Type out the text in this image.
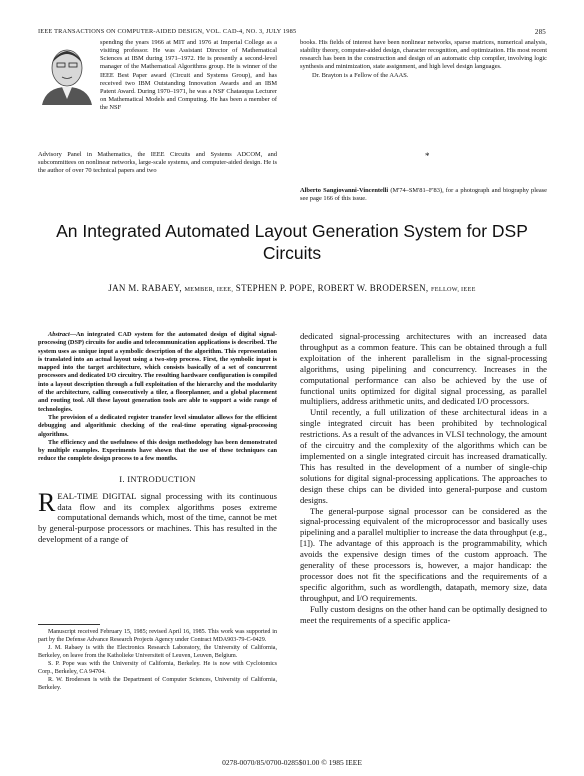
IEEE TRANSACTIONS ON COMPUTER-AIDED DESIGN, VOL. CAD-4, NO. 3, JULY 1985	285
spending the years 1966 at MIT and 1976 at Imperial College as a visiting professor. He was Assistant Director of Mathematical Sciences at IBM during 1971–1972. He is presently a second-level manager of the Mathematical Algorithms group. He is winner of the IEEE Best Paper award (Circuit and Systems Group), and has received two IBM Outstanding Innovation Awards and an IBM Patent Award. During 1970–1971, he was a NSF Chatauqua Lecturer on Mathematical Models and Computing. He has been a member of the NSF
Advisory Panel in Mathematics, the IEEE Circuits and Systems ADCOM, and subcommittees on nonlinear networks, large-scale systems, and computer-aided design. He is the author of over 70 technical papers and two

books. His fields of interest have been nonlinear networks, sparse matrices, numerical analysis, stability theory, computer-aided design, character recognition, and optimization. His most recent research has been in the construction and design of an automatic chip compiler, involving logic synthesis and minimization, state assignment, and high level design languages.

Dr. Brayton is a Fellow of the AAAS.

*
Alberto Sangiovanni-Vincentelli (M'74–SM'81–F'83), for a photograph and biography please see page 166 of this issue.
An Integrated Automated Layout Generation System for DSP Circuits
JAN M. RABAEY, MEMBER, IEEE, STEPHEN P. POPE, ROBERT W. BRODERSEN, FELLOW, IEEE

Abstract—An integrated CAD system for the automated design of digital signal-processing (DSP) circuits for audio and telecommunication applications is described. The system uses as unique input a symbolic description of the algorithm. This representation is translated into an actual layout using a two-step process. First, the symbolic input is mapped into the target architecture, which consists basically of a set of concurrent processors and dedicated I/O circuitry. The resulting hardware configuration is compiled into a layout description through a full exploitation of the hierarchy and the modularity of the architecture, calling consecutively a tiler, a floorplanner, and a global placement and routing tool. All these layout generation tools are able to support a wide range of technologies.

The provision of a dedicated register transfer level simulator allows for the efficient debugging and algorithmic checking of the real-time operating signal-processing algorithms.

The efficiency and the usefulness of this design methodology has been demonstrated by multiple examples. Experiments have shown that the use of these techniques can reduce the complete design process to a few months.

I. INTRODUCTION
REAL-TIME DIGITAL signal processing with its continuous data flow and its complex algorithms poses extreme computational demands which, most of the time, cannot be met by general-purpose processors or machines. This has resulted in the development of a range of

Manuscript received February 15, 1985; revised April 16, 1985. This work was supported in part by the Defense Advance Research Projects Agency under Contract MDA903-79-C-0429.

J. M. Rabaey is with the Electronics Research Laboratory, the University of California, Berkeley, on leave from the Katholieke Universiteit of Leuven, Leuven, Belgium.

S. P. Pope was with the University of California, Berkeley. He is now with Cyclotomics Corp., Berkeley, CA 94704.

R. W. Brodersen is with the Department of Computer Sciences, University of California, Berkeley.

dedicated signal-processing architectures with an increased data throughput as a common feature. This can be obtained through a full exploitation of the inherent parallelism in the signal-processing algorithms, using pipelining and concurrency. Increases in the computational performance can also be achieved by the use of functional units optimized for digital signal processing, as parallel multipliers, address arithmetic units, and dedicated I/O processors.

Until recently, a full utilization of these architectural ideas in a single integrated circuit has been prohibited by technological restrictions. As a result of the advances in VLSI technology, the amount of the circuitry and the complexity of the algorithms which can be implemented on a single integrated circuit has increased dramatically. This has resulted in the development of a number of single-chip solutions for digital signal-processing applications. The approaches to design these chips can be divided into general-purpose and custom designs.

The general-purpose signal processor can be considered as the signal-processing equivalent of the microprocessor and basically uses pipelining and a parallel multiplier to increase the data throughput (e.g., [1]). The advantage of this approach is the programmability, which avoids the expensive design times of the custom approach. The generality of these processors is, however, a major handicap: the processor does not fit the specifications and the requirements of a specific algorithm, such as wordlength, datapath, memory size, data throughput, and I/O requirements.

Fully custom designs on the other hand can be optimally designed to meet the requirements of a specific applica-

0278-0070/85/0700-0285$01.00 © 1985 IEEE
